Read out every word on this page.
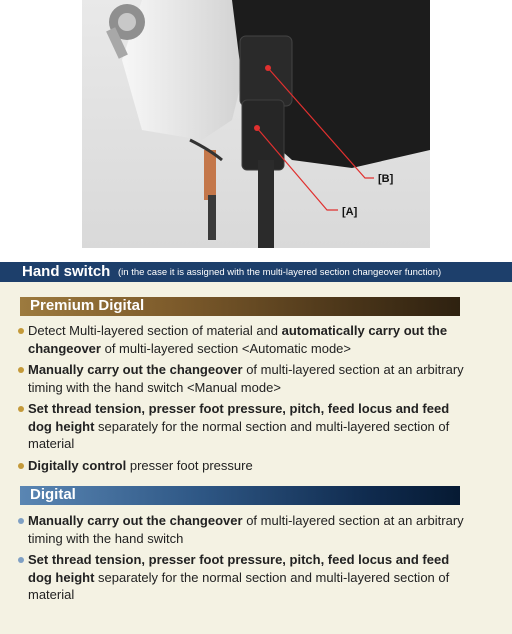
[B]
[A]
Hand switch (in the case it is assigned with the multi-layered section changeover function)
Premium Digital
Detect Multi-layered section of material and automatically carry out the changeover of multi-layered section <Automatic mode>
Manually carry out the changeover of multi-layered section at an arbitrary timing with the hand switch <Manual mode>
Set thread tension, presser foot pressure, pitch, feed locus and feed dog height separately for the normal section and multi-layered section of material
Digitally control presser foot pressure
Digital
Manually carry out the changeover of multi-layered section at an arbitrary timing with the hand switch
Set thread tension, presser foot pressure, pitch, feed locus and feed dog height separately for the normal section and multi-layered section of material
